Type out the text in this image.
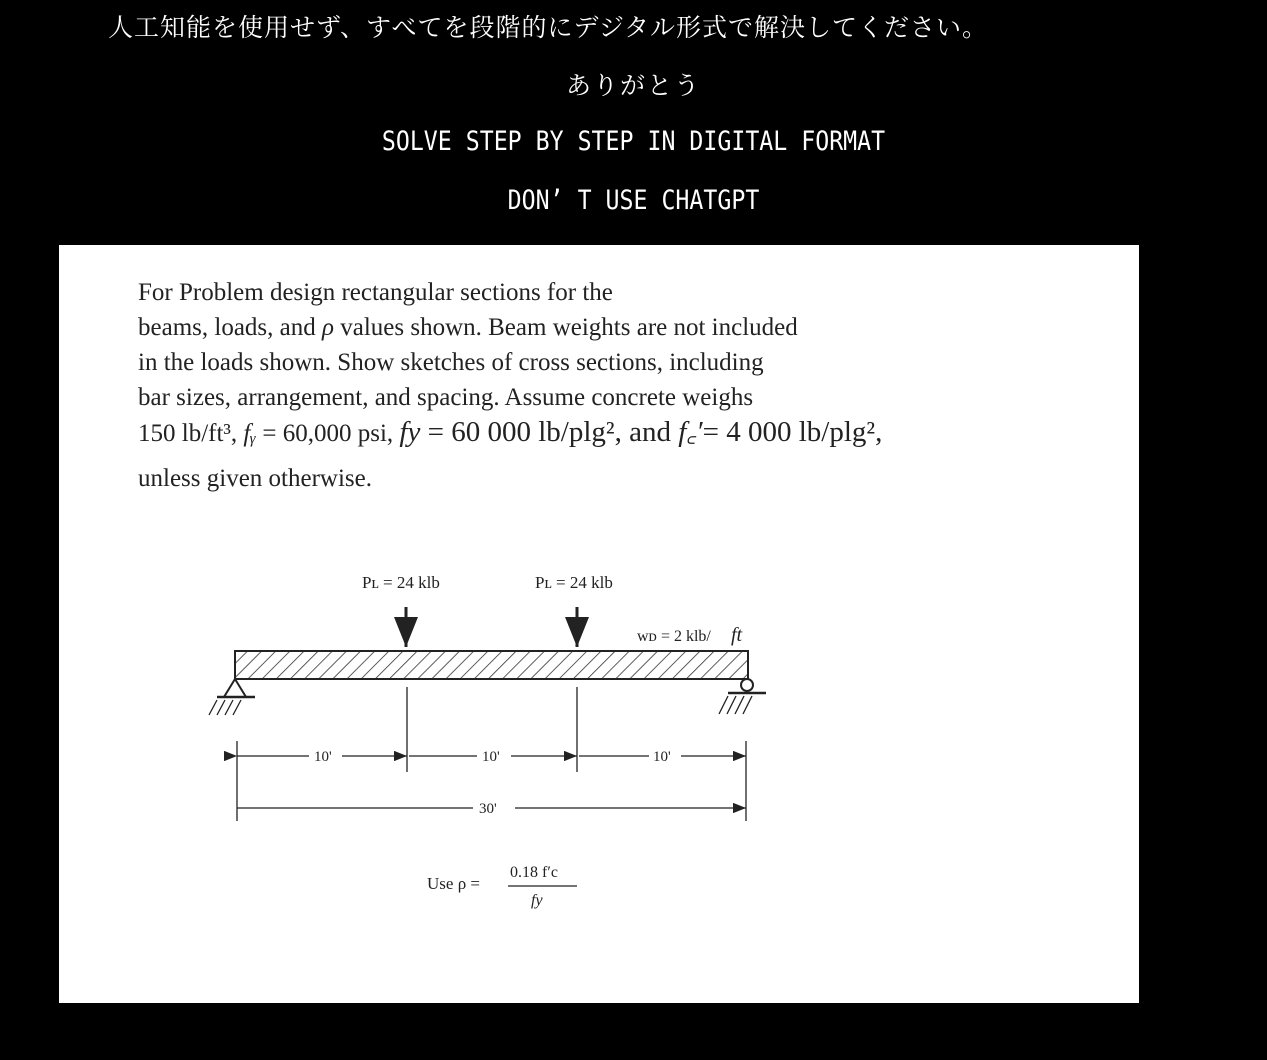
人工知能を使用せず、すべてを段階的にデジタル形式で解決してください。
ありがとう
SOLVE STEP BY STEP IN DIGITAL FORMAT
DON’ T USE CHATGPT
For Problem design rectangular sections for the
beams, loads, and ρ values shown. Beam weights are not included
in the loads shown. Show sketches of cross sections, including
bar sizes, arrangement, and spacing. Assume concrete weighs
150 lb/ft³, fᵧ = 60,000 psi, fy = 60 000 lb/plg², and f꜀′= 4 000 lb/plg²,
unless given otherwise.
Pʟ = 24 klb	Pʟ = 24 klb
wᴅ = 2 klb/ ft
10'	10'	10'
30'
Use ρ =
0.18 f′c
fy
